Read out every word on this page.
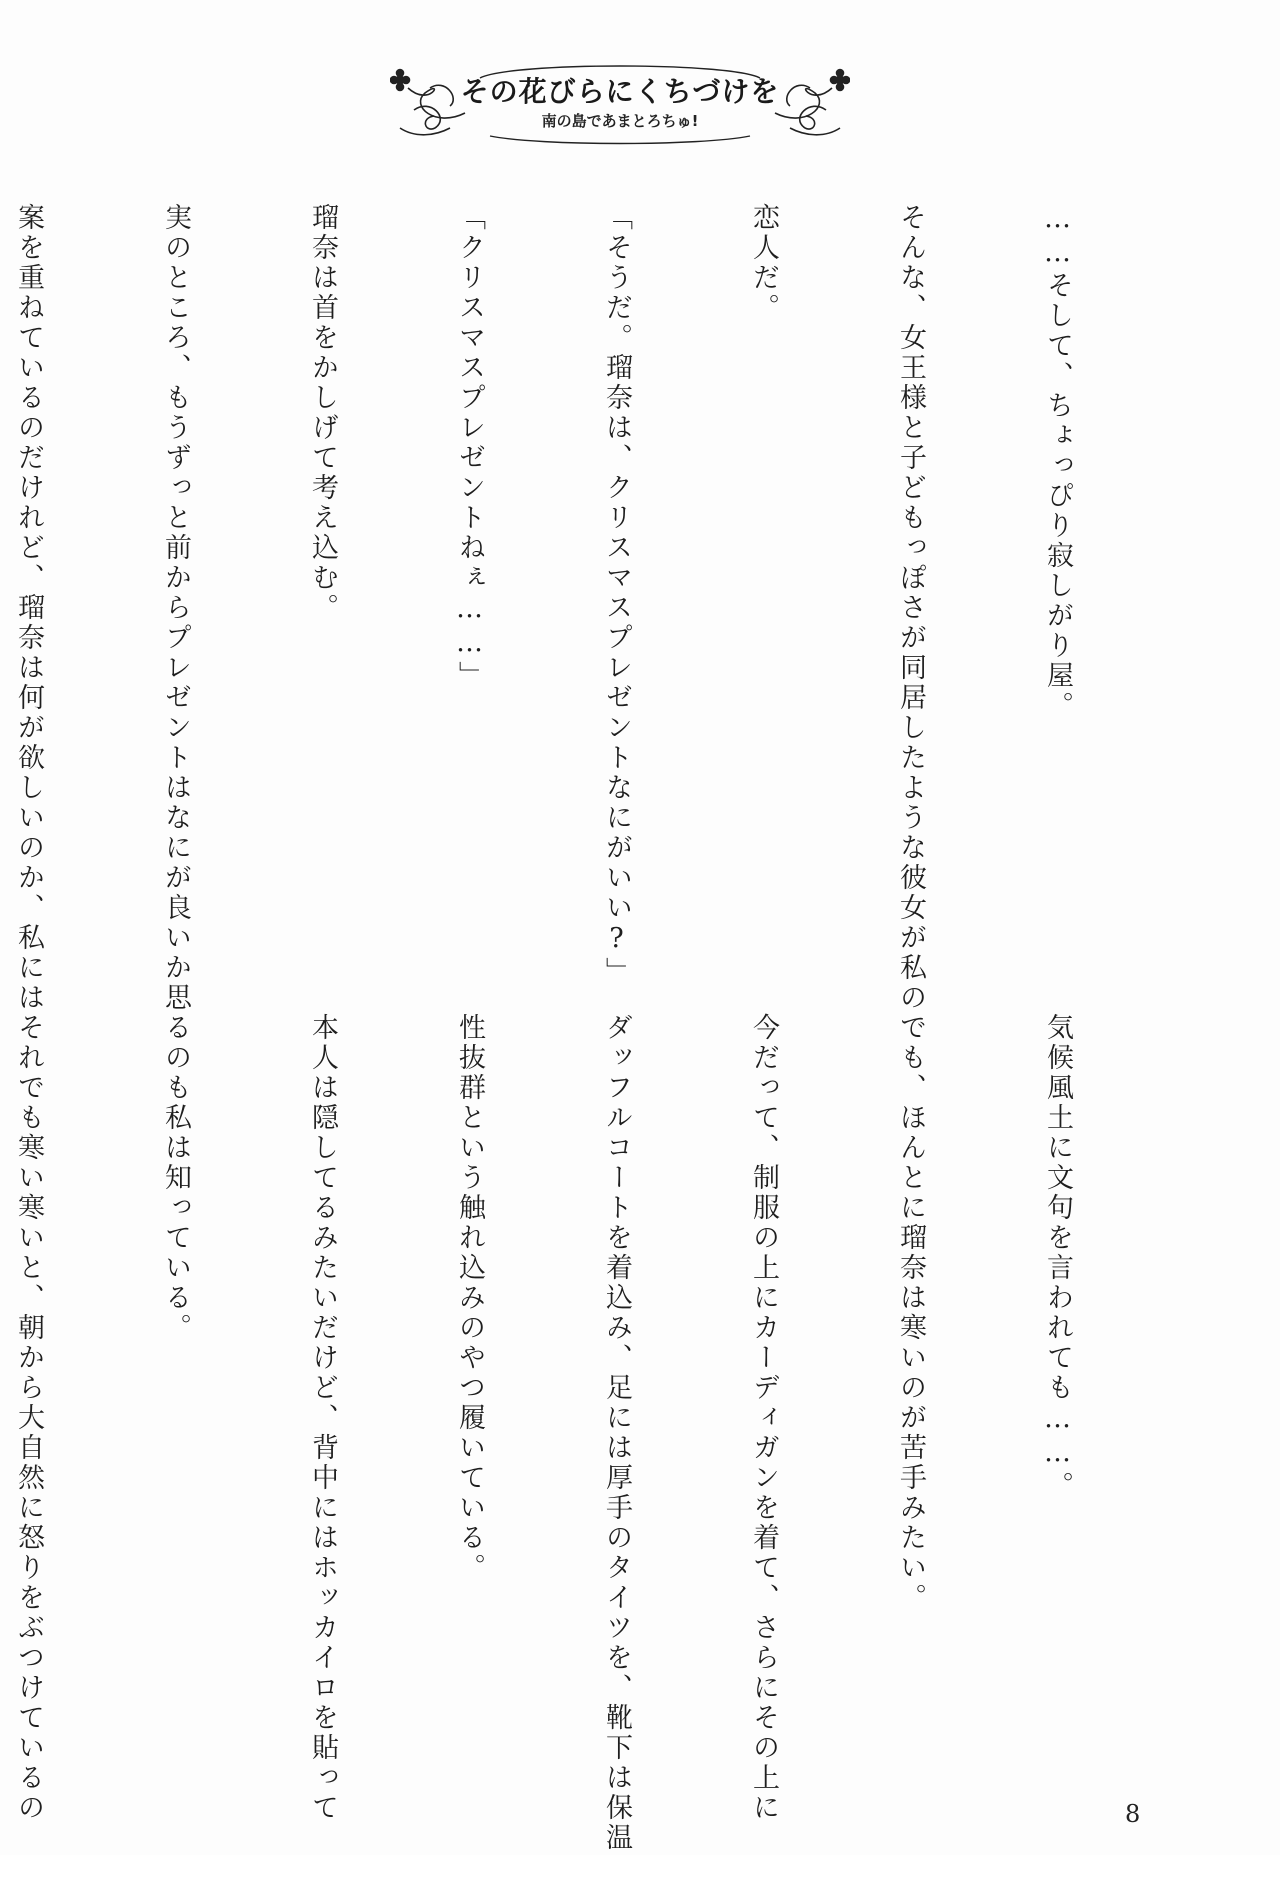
その花びらにくちづけを
南の島であまとろちゅ!

……そして、ちょっぴり寂しがり屋。

そんな、女王様と子どもっぽさが同居したような彼女が私の

恋人だ。

「そうだ。瑠奈は、クリスマスプレゼントなにがいい?」

「クリスマスプレゼントねぇ……」

瑠奈は首をかしげて考え込む。

実のところ、もうずっと前からプレゼントはなにが良いか思

案を重ねているのだけれど、瑠奈は何が欲しいのか、私には

気候風土に文句を言われても……。

でも、ほんとに瑠奈は寒いのが苦手みたい。

今だって、制服の上にカーディガンを着て、さらにその上に

ダッフルコートを着込み、足には厚手のタイツを、靴下は保温

性抜群という触れ込みのやつ履いている。

本人は隠してるみたいだけど、背中にはホッカイロを貼って

るのも私は知っている。

それでも寒い寒いと、朝から大自然に怒りをぶつけているの

	8
